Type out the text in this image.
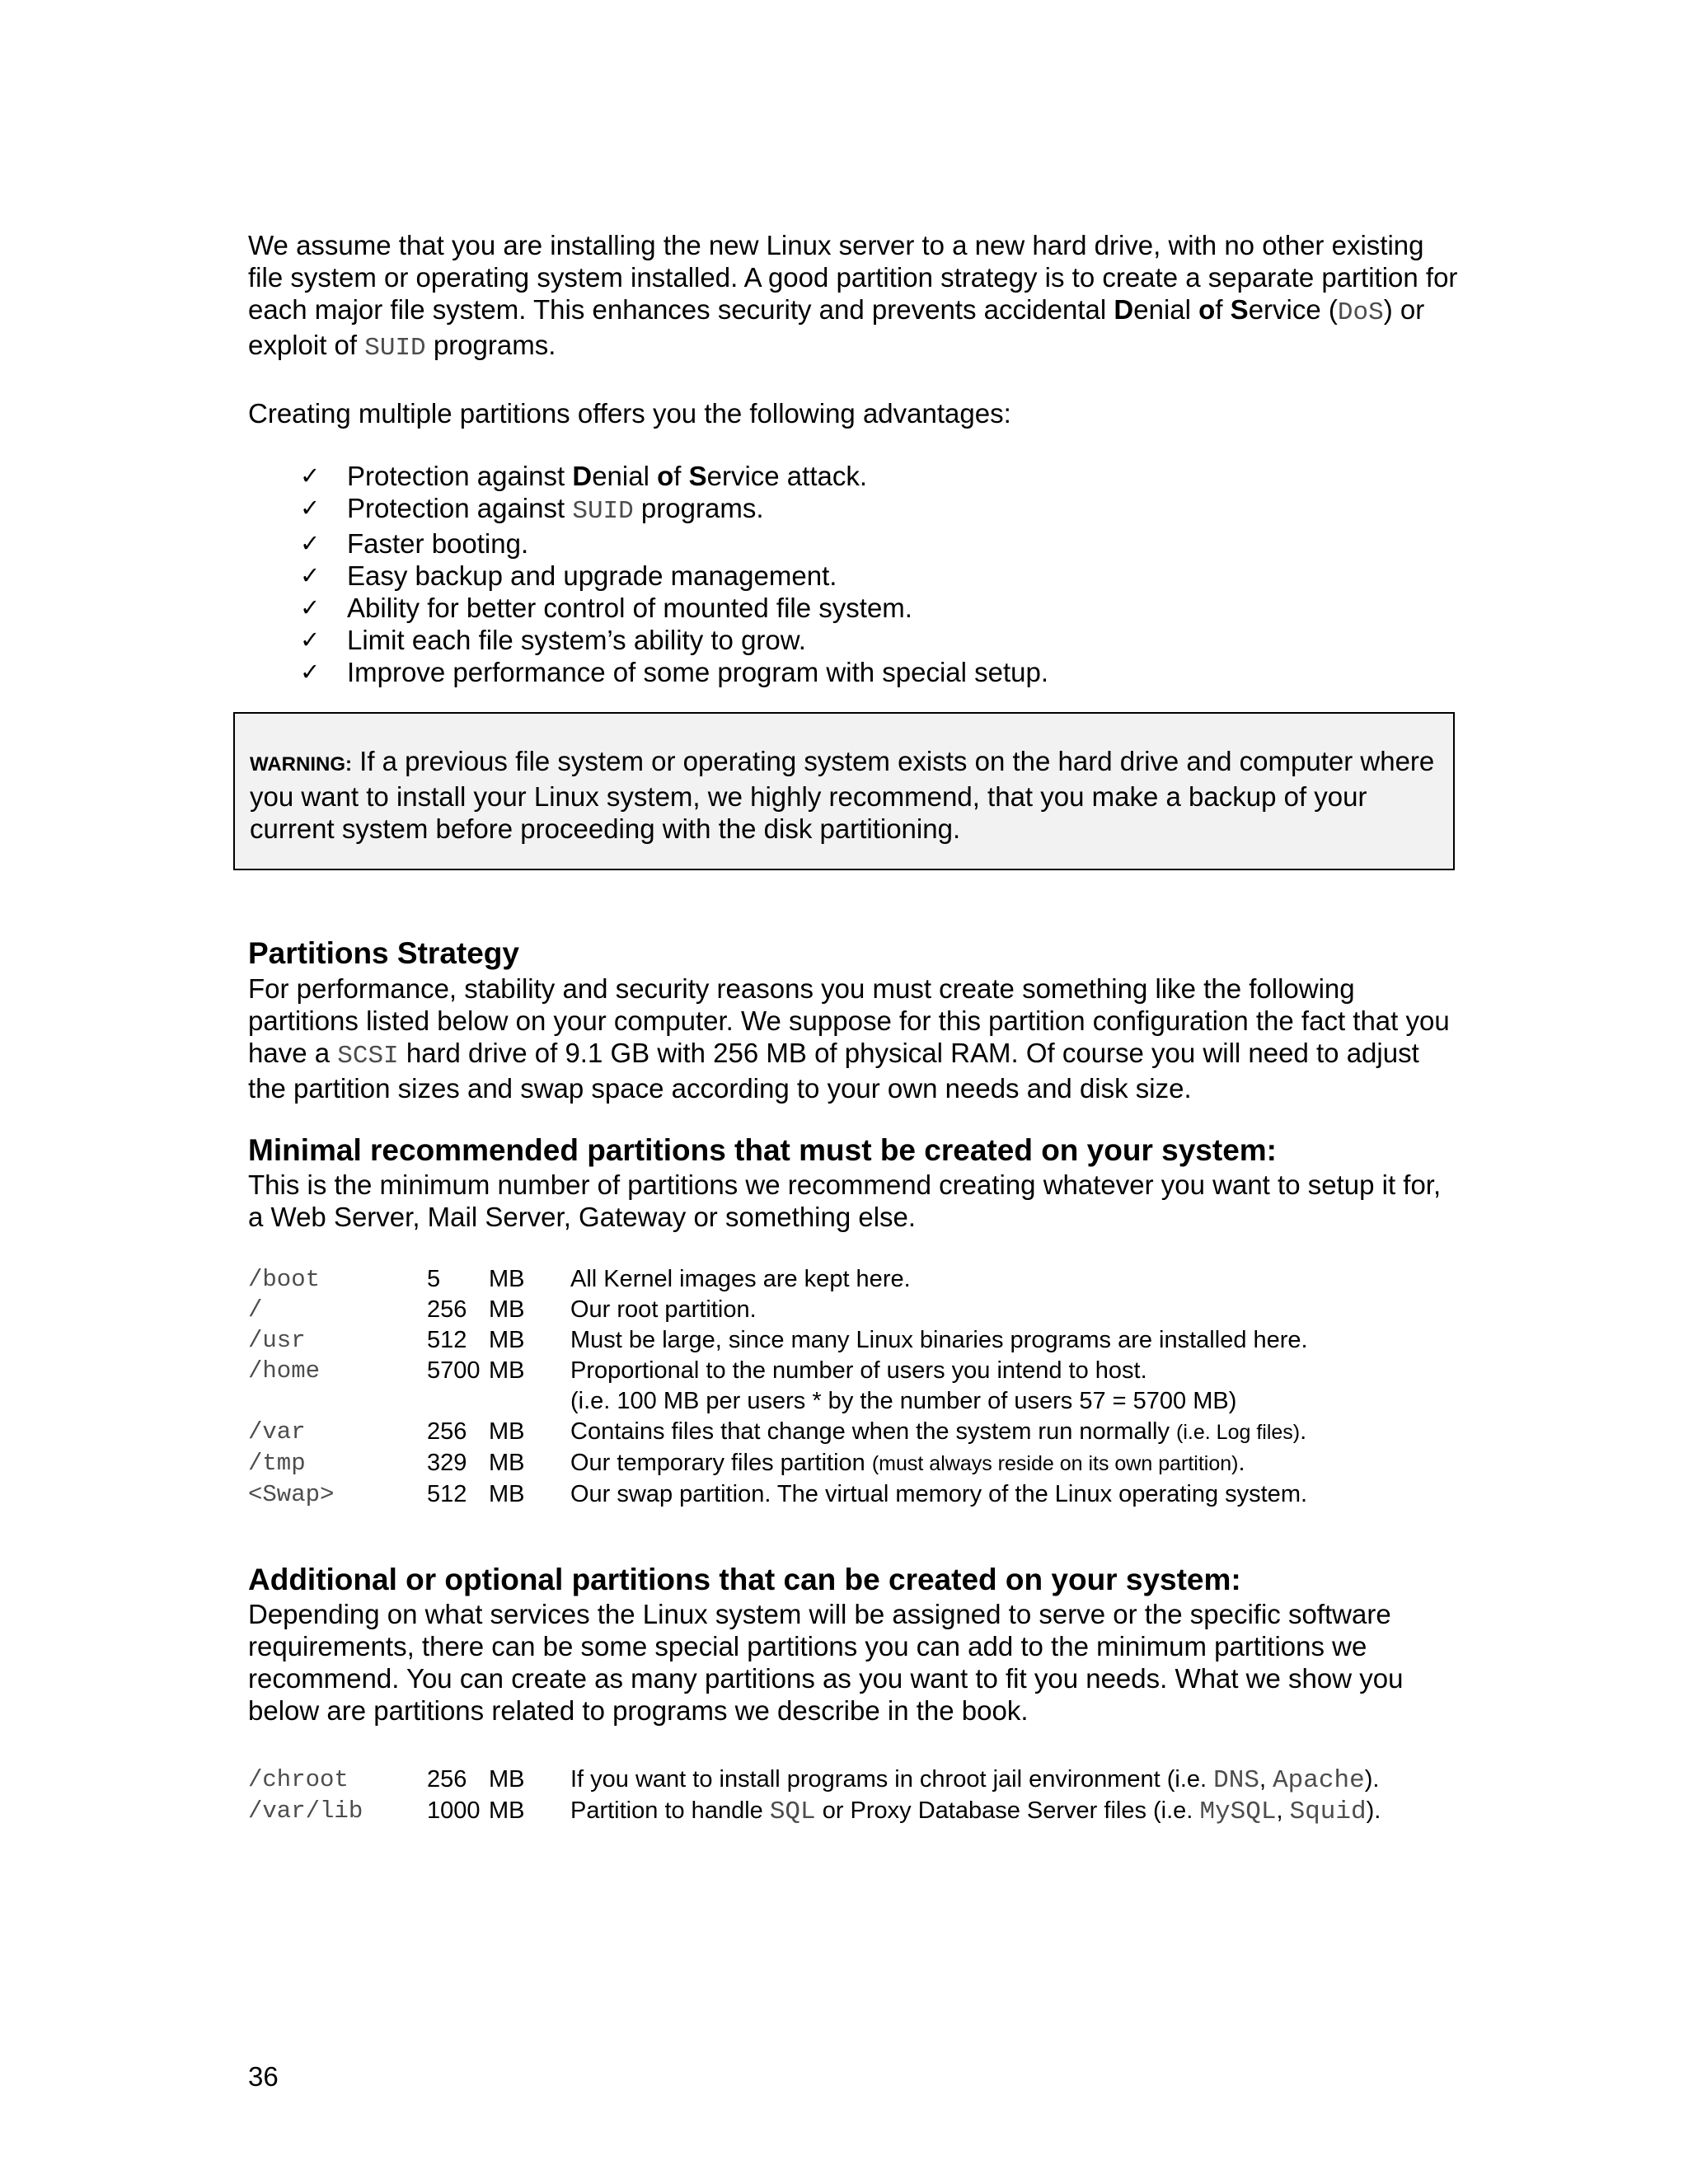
We assume that you are installing the new Linux server to a new hard drive, with no other existing file system or operating system installed. A good partition strategy is to create a separate partition for each major file system. This enhances security and prevents accidental Denial of Service (DoS) or exploit of SUID programs.

Creating multiple partitions offers you the following advantages:

✓ Protection against Denial of Service attack.
✓ Protection against SUID programs.
✓ Faster booting.
✓ Easy backup and upgrade management.
✓ Ability for better control of mounted file system.
✓ Limit each file system’s ability to grow.
✓ Improve performance of some program with special setup.

WARNING: If a previous file system or operating system exists on the hard drive and computer where you want to install your Linux system, we highly recommend, that you make a backup of your current system before proceeding with the disk partitioning.

Partitions Strategy

For performance, stability and security reasons you must create something like the following partitions listed below on your computer. We suppose for this partition configuration the fact that you have a SCSI hard drive of 9.1 GB with 256 MB of physical RAM. Of course you will need to adjust the partition sizes and swap space according to your own needs and disk size.

Minimal recommended partitions that must be created on your system:

This is the minimum number of partitions we recommend creating whatever you want to setup it for, a Web Server, Mail Server, Gateway or something else.

/boot	5	MB	All Kernel images are kept here.
/	256	MB	Our root partition.
/usr	512	MB	Must be large, since many Linux binaries programs are installed here.
/home	5700	MB	Proportional to the number of users you intend to host.
			(i.e. 100 MB per users * by the number of users 57 = 5700 MB)
/var	256	MB	Contains files that change when the system run normally (i.e. Log files).
/tmp	329	MB	Our temporary files partition (must always reside on its own partition).
<Swap>	512	MB	Our swap partition. The virtual memory of the Linux operating system.
Additional or optional partitions that can be created on your system:

Depending on what services the Linux system will be assigned to serve or the specific software requirements, there can be some special partitions you can add to the minimum partitions we recommend. You can create as many partitions as you want to fit you needs. What we show you below are partitions related to programs we describe in the book.

/chroot	256	MB	If you want to install programs in chroot jail environment (i.e. DNS, Apache).
/var/lib	1000	MB	Partition to handle SQL or Proxy Database Server files (i.e. MySQL, Squid).
36
